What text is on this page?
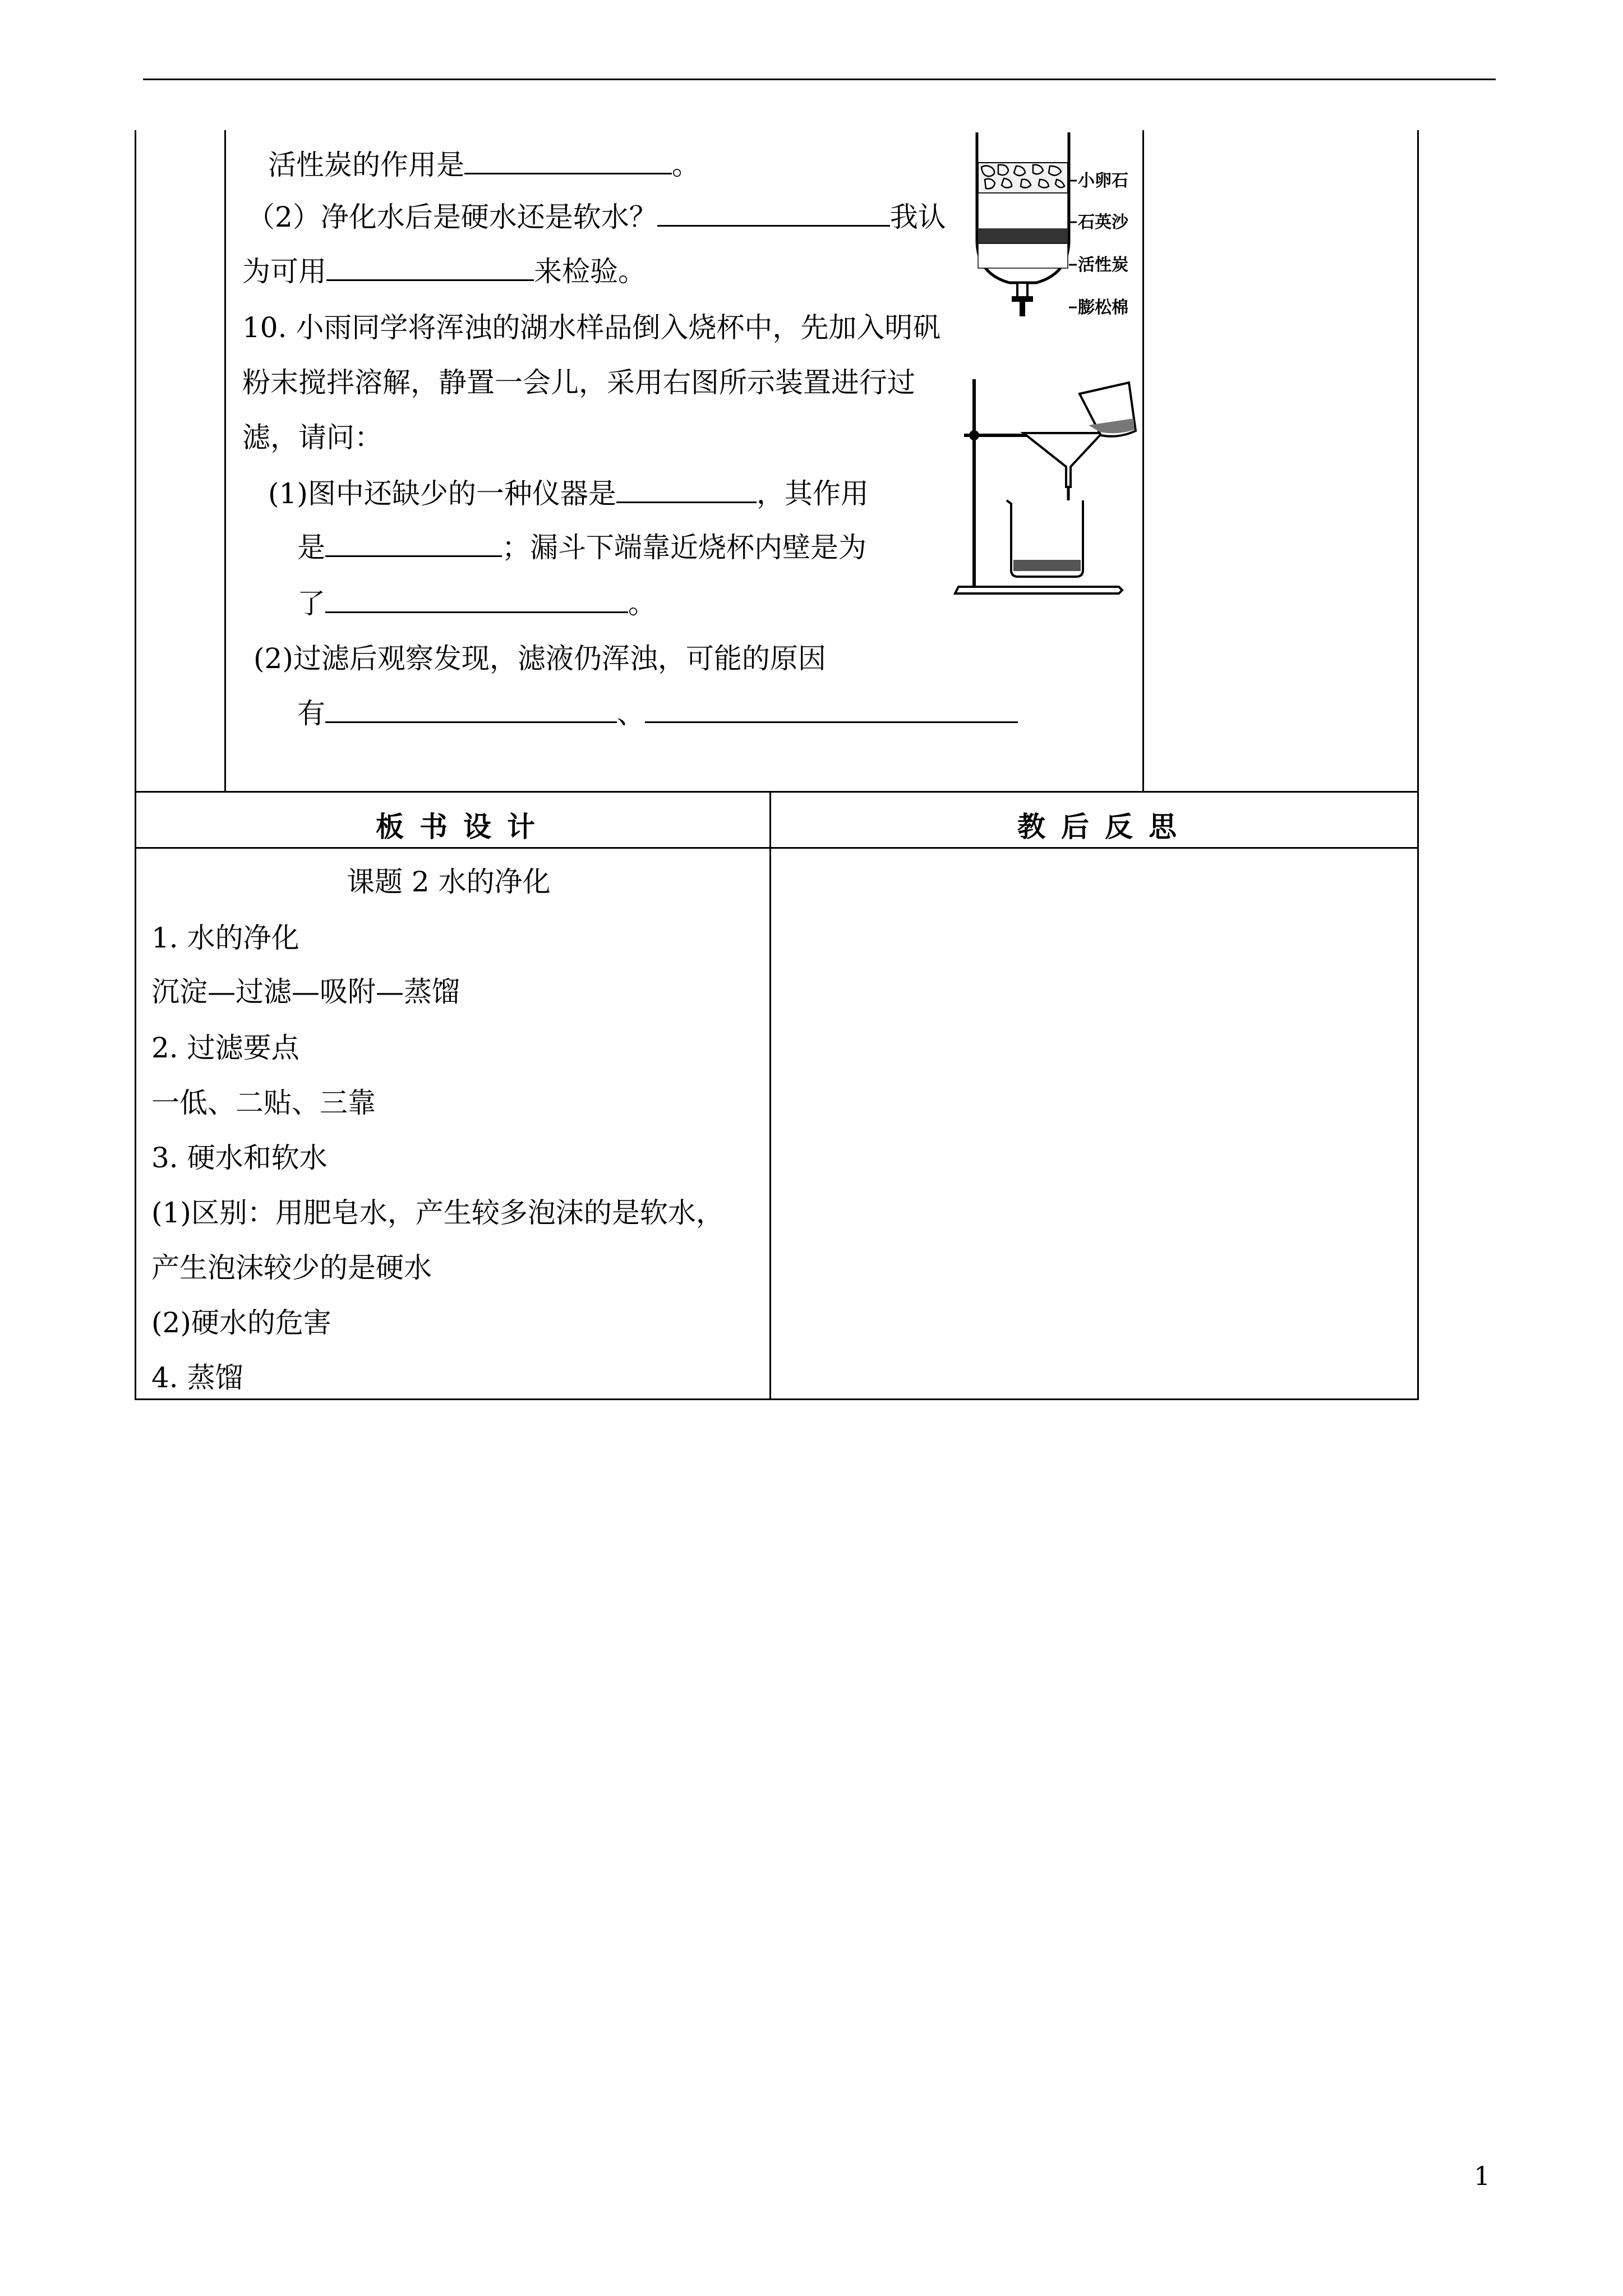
活性炭的作用是	。
（2）净化水后是硬水还是软水？	我认
为可用	来检验。
10. 小雨同学将浑浊的湖水样品倒入烧杯中，先加入明矾
粉末搅拌溶解，静置一会儿，采用右图所示装置进行过
滤，请问：
(1)图中还缺少的一种仪器是	，其作用
是	；漏斗下端靠近烧杯内壁是为
了	。
(2)过滤后观察发现，滤液仍浑浊，可能的原因
有	、
小卵石
石英沙
活性炭
膨松棉
板书设计	教后反思
课题 2 水的净化
1. 水的净化
沉淀—过滤—吸附—蒸馏
2. 过滤要点
一低、二贴、三靠
3. 硬水和软水
(1)区别：用肥皂水，产生较多泡沫的是软水，
产生泡沫较少的是硬水
(2)硬水的危害
4. 蒸馏
1
